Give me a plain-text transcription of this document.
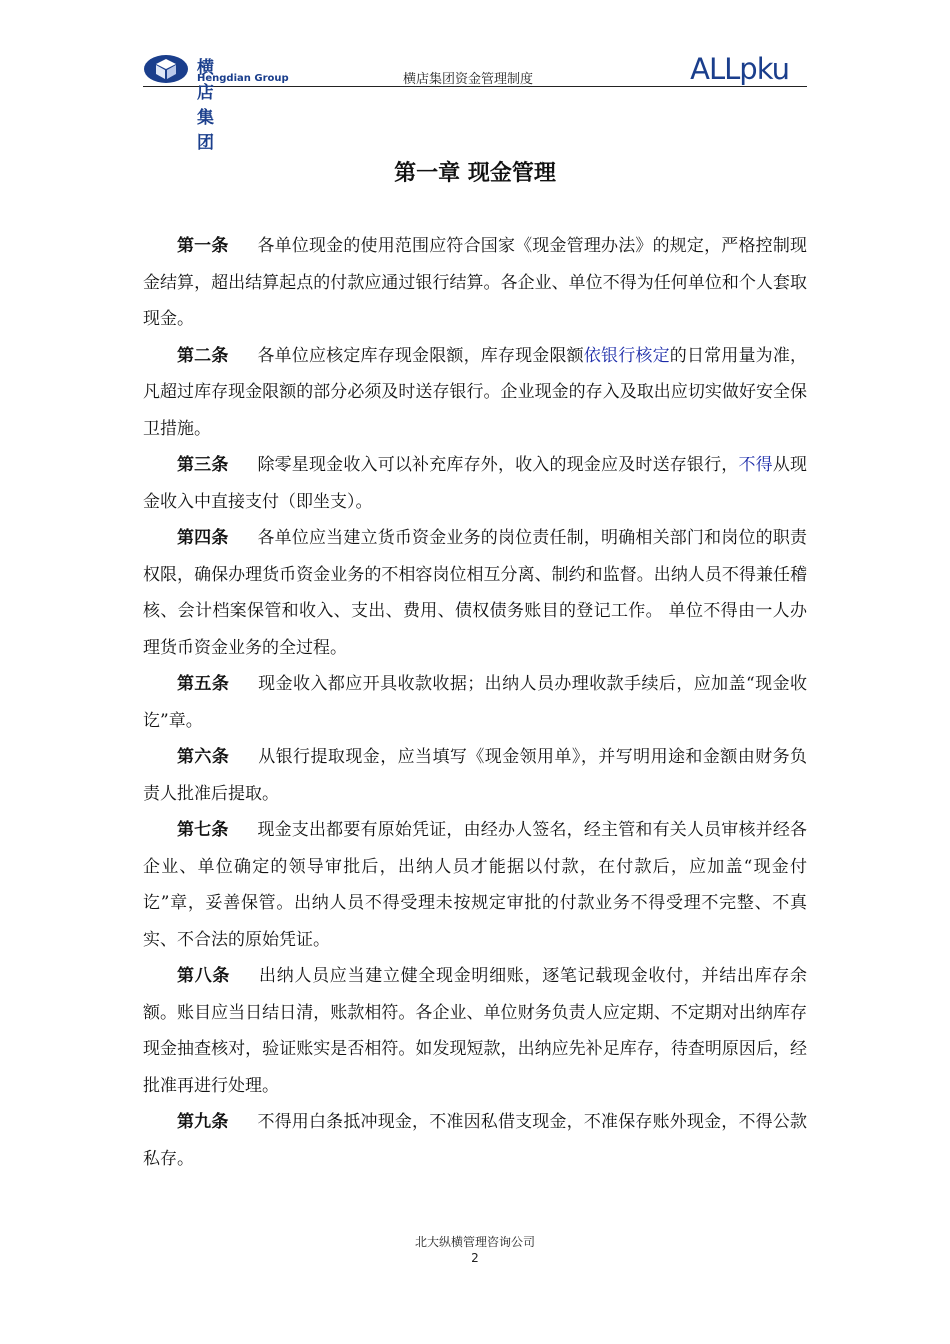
横店集团
Hengdian Group	横店集团资金管理制度	ALLpku
第一章 现金管理

第一条 各单位现金的使用范围应符合国家《现金管理办法》的规定，严格控制现金结算，超出结算起点的付款应通过银行结算。各企业、单位不得为任何单位和个人套取现金。

第二条 各单位应核定库存现金限额，库存现金限额依银行核定的日常用量为准，凡超过库存现金限额的部分必须及时送存银行。企业现金的存入及取出应切实做好安全保卫措施。

第三条 除零星现金收入可以补充库存外，收入的现金应及时送存银行，不得从现金收入中直接支付（即坐支）。

第四条 各单位应当建立货币资金业务的岗位责任制，明确相关部门和岗位的职责权限，确保办理货币资金业务的不相容岗位相互分离、制约和监督。出纳人员不得兼任稽核、会计档案保管和收入、支出、费用、债权债务账目的登记工作。 单位不得由一人办理货币资金业务的全过程。

第五条 现金收入都应开具收款收据；出纳人员办理收款手续后，应加盖“现金收讫”章。

第六条 从银行提取现金，应当填写《现金领用单》，并写明用途和金额由财务负责人批准后提取。

第七条 现金支出都要有原始凭证，由经办人签名，经主管和有关人员审核并经各企业、单位确定的领导审批后，出纳人员才能据以付款，在付款后，应加盖“现金付讫”章，妥善保管。出纳人员不得受理未按规定审批的付款业务不得受理不完整、不真实、不合法的原始凭证。

第八条 出纳人员应当建立健全现金明细账，逐笔记载现金收付，并结出库存余额。账目应当日结日清，账款相符。各企业、单位财务负责人应定期、不定期对出纳库存现金抽查核对，验证账实是否相符。如发现短款，出纳应先补足库存，待查明原因后，经批准再进行处理。

第九条 不得用白条抵冲现金，不准因私借支现金，不准保存账外现金，不得公款私存。

北大纵横管理咨询公司
2
